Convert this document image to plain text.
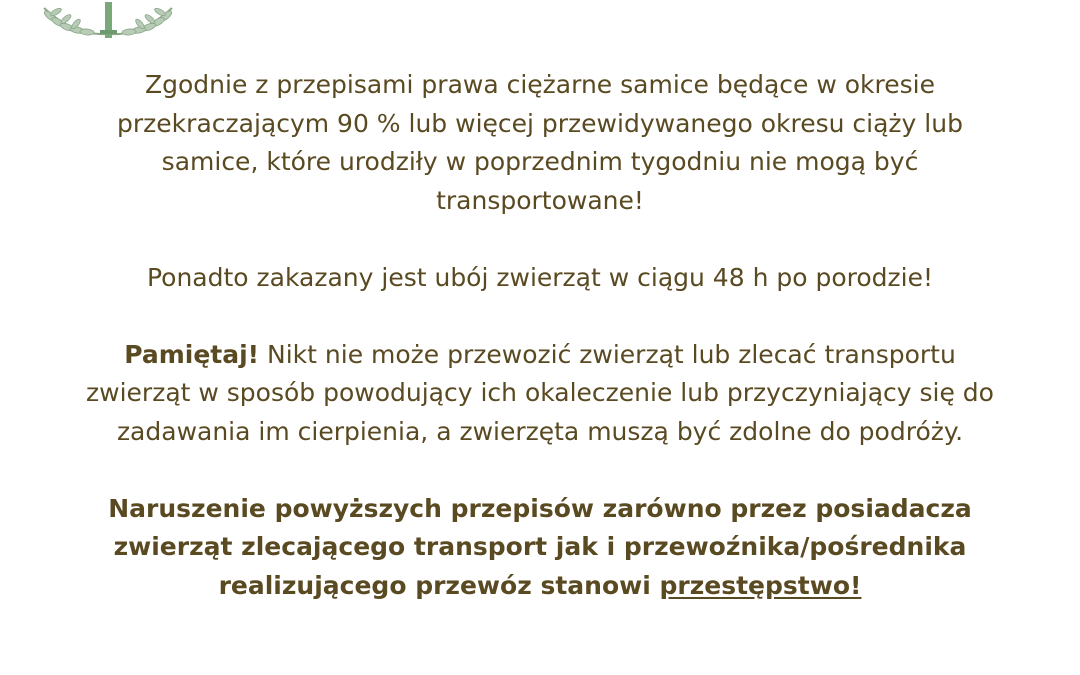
Zgodnie z przepisami prawa ciężarne samice będące w okresie
przekraczającym 90 % lub więcej przewidywanego okresu ciąży lub
samice, które urodziły w poprzednim tygodniu nie mogą być
transportowane!

Ponadto zakazany jest ubój zwierząt w ciągu 48 h po porodzie!

Pamiętaj! Nikt nie może przewozić zwierząt lub zlecać transportu
zwierząt w sposób powodujący ich okaleczenie lub przyczyniający się do
zadawania im cierpienia, a zwierzęta muszą być zdolne do podróży.

Naruszenie powyższych przepisów zarówno przez posiadacza
zwierząt zlecającego transport jak i przewoźnika/pośrednika
realizującego przewóz stanowi przestępstwo!
